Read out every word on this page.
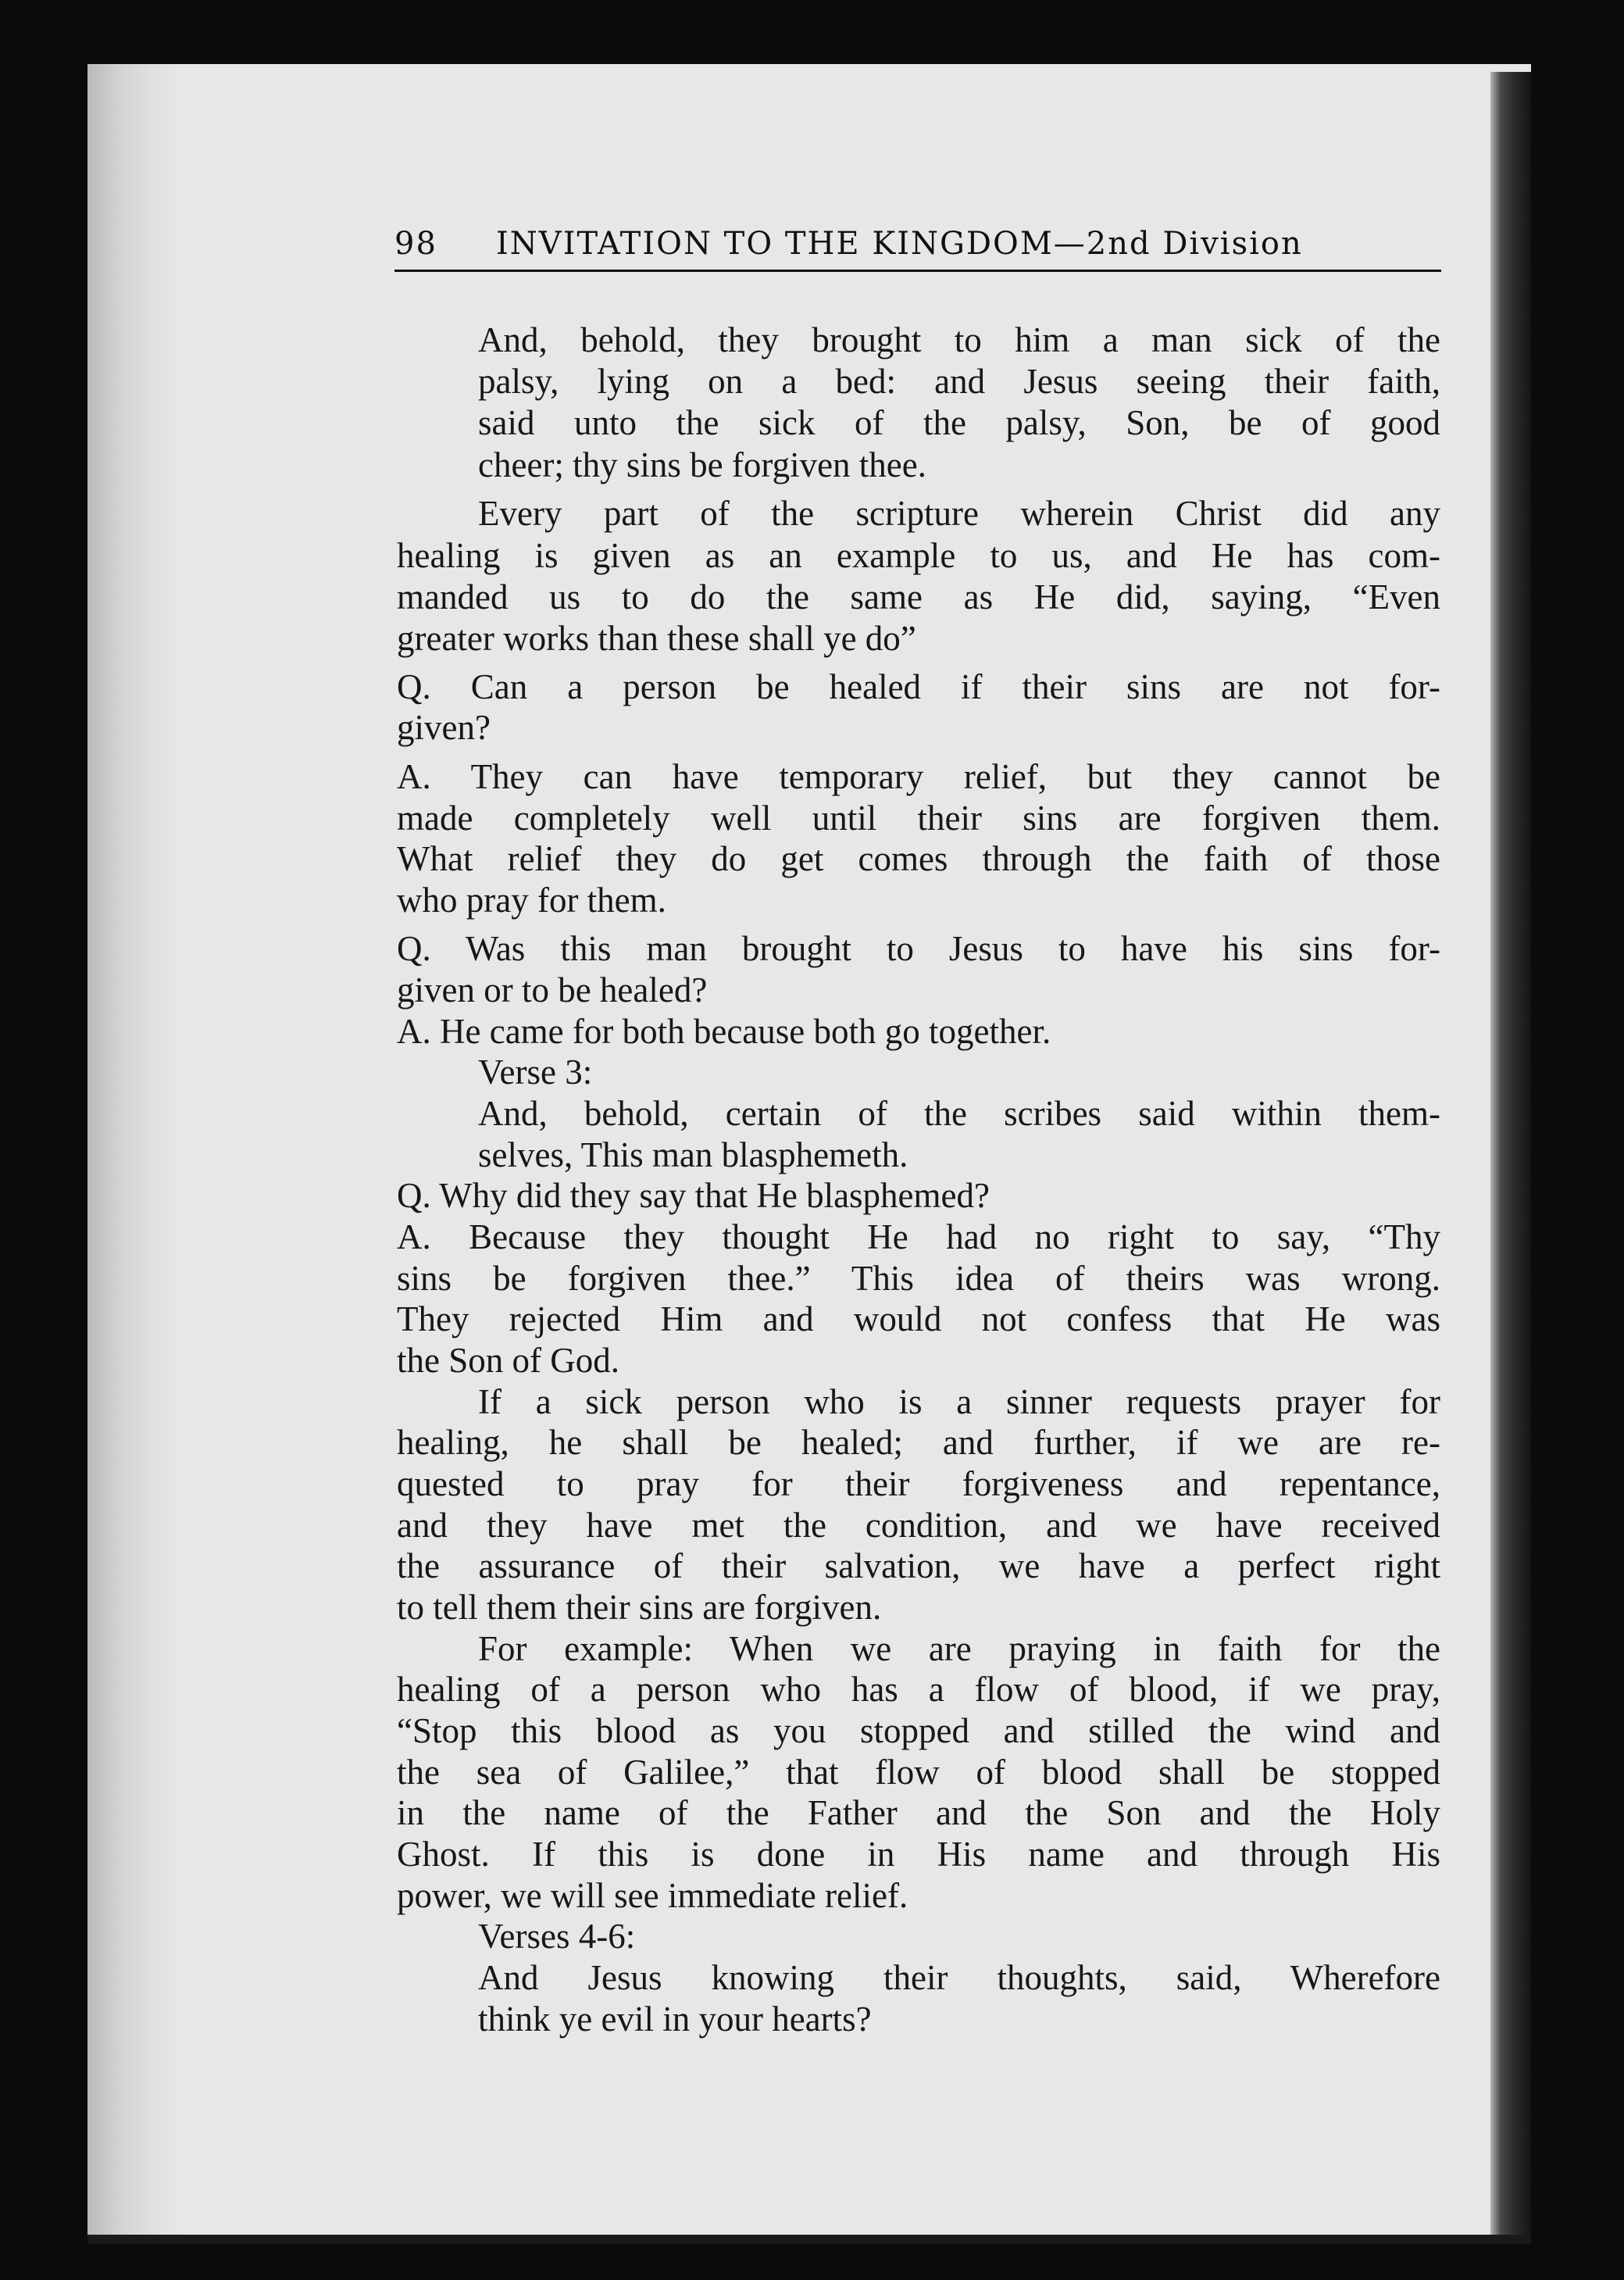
98 INVITATION TO THE KINGDOM—2nd Division
And, behold, they brought to him a man sick of the
palsy, lying on a bed: and Jesus seeing their faith,
said unto the sick of the palsy, Son, be of good
cheer; thy sins be forgiven thee.
Every part of the scripture wherein Christ did any
healing is given as an example to us, and He has com-
manded us to do the same as He did, saying, “Even
greater works than these shall ye do”
Q. Can a person be healed if their sins are not for-
given?
A. They can have temporary relief, but they cannot be
made completely well until their sins are forgiven them.
What relief they do get comes through the faith of those
who pray for them.
Q. Was this man brought to Jesus to have his sins for-
given or to be healed?
A. He came for both because both go together.
Verse 3:
And, behold, certain of the scribes said within them-
selves, This man blasphemeth.
Q. Why did they say that He blasphemed?
A. Because they thought He had no right to say, “Thy
sins be forgiven thee.” This idea of theirs was wrong.
They rejected Him and would not confess that He was
the Son of God.
If a sick person who is a sinner requests prayer for
healing, he shall be healed; and further, if we are re-
quested to pray for their forgiveness and repentance,
and they have met the condition, and we have received
the assurance of their salvation, we have a perfect right
to tell them their sins are forgiven.
For example: When we are praying in faith for the
healing of a person who has a flow of blood, if we pray,
“Stop this blood as you stopped and stilled the wind and
the sea of Galilee,” that flow of blood shall be stopped
in the name of the Father and the Son and the Holy
Ghost. If this is done in His name and through His
power, we will see immediate relief.
Verses 4-6:
And Jesus knowing their thoughts, said, Wherefore
think ye evil in your hearts?
